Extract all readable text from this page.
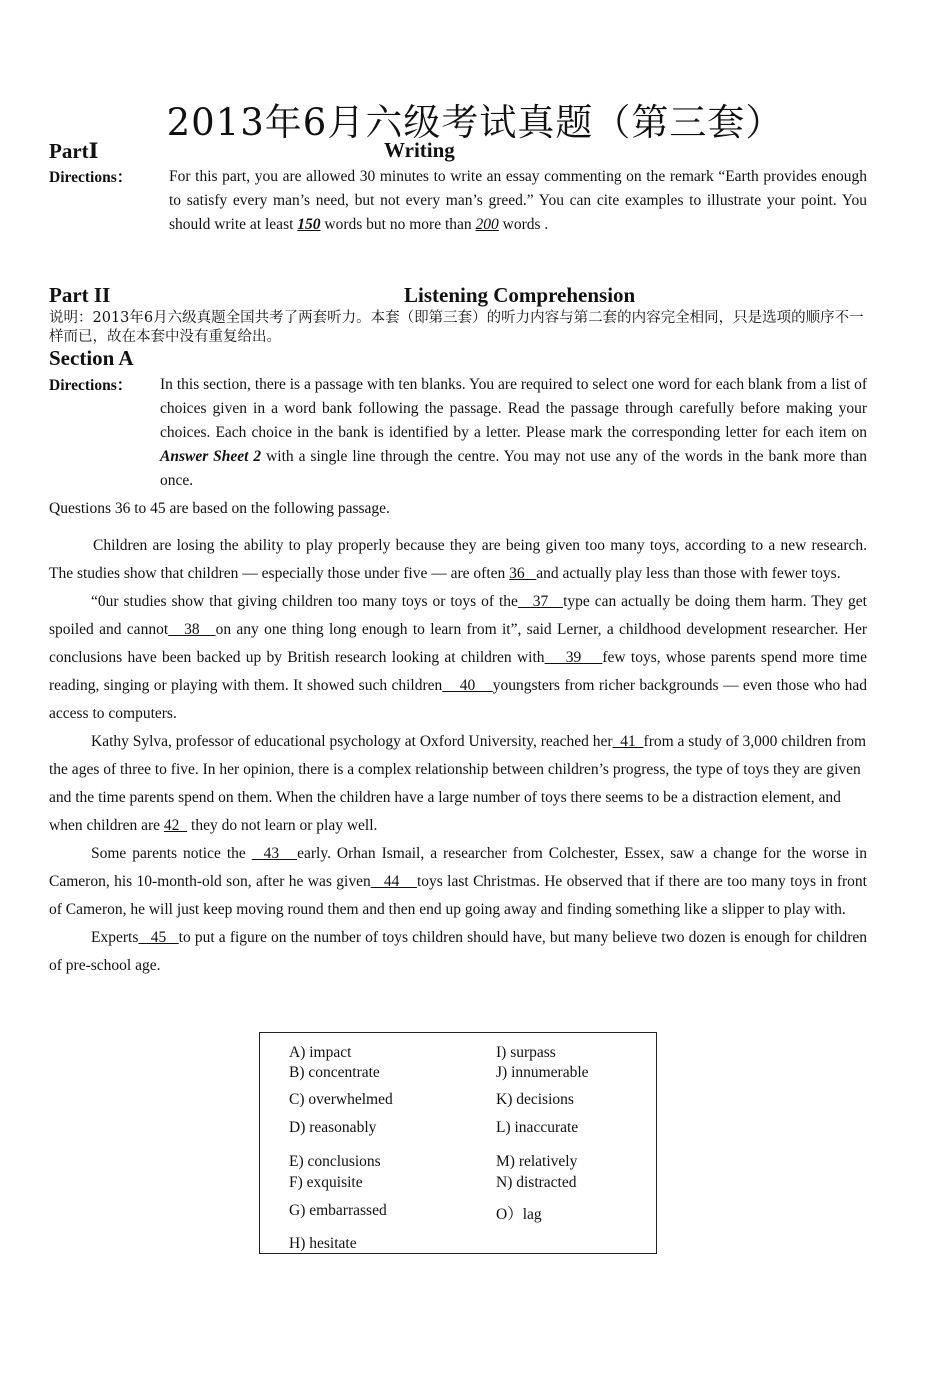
2013年6月六级考试真题（第三套）
PartⅠ	Writing
Directions： For this part, you are allowed 30 minutes to write an essay commenting on the remark “Earth provides enough to satisfy every man’s need, but not every man’s greed.” You can cite examples to illustrate your point. You should write at least 150 words but no more than 200 words .
Part II	Listening Comprehension
说明：2013年6月六级真题全国共考了两套听力。本套（即第三套）的听力内容与第二套的内容完全相同，只是选项的顺序不一样而已，故在本套中没有重复给出。
Section A
Directions： In this section, there is a passage with ten blanks. You are required to select one word for each blank from a list of choices given in a word bank following the passage. Read the passage through carefully before making your choices. Each choice in the bank is identified by a letter. Please mark the corresponding letter for each item on Answer Sheet 2 with a single line through the centre. You may not use any of the words in the bank more than once.
Questions 36 to 45 are based on the following passage.

Children are losing the ability to play properly because they are being given too many toys, according to a new research. The studies show that children — especially those under five — are often 36   and actually play less than those with fewer toys.

“0ur studies show that giving children too many toys or toys of the   37   type can actually be doing them harm. They get spoiled and cannot   38   on any one thing long enough to learn from it”, said Lerner, a childhood development researcher. Her conclusions have been backed up by British research looking at children with    39    few toys, whose parents spend more time reading, singing or playing with them. It showed such children    40    youngsters from richer backgrounds — even those who had access to computers.

Kathy Sylva, professor of educational psychology at Oxford University, reached her  41  from a study of 3,000 children from the ages of three to five. In her opinion, there is a complex relationship between children’s progress, the type of toys they are given and the time parents spend on them. When the children have a large number of toys there seems to be a distraction element, and when children are 42   they do not learn or play well.

Some parents notice the   43   early. Orhan Ismail, a researcher from Colchester, Essex, saw a change for the worse in Cameron, his 10-month-old son, after he was given   44    toys last Christmas. He observed that if there are too many toys in front of Cameron, he will just keep moving round them and then end up going away and finding something like a slipper to play with.

Experts   45   to put a figure on the number of toys children should have, but many believe two dozen is enough for children of pre-school age.

A) impact
B) concentrate
C) overwhelmed
D) reasonably
E) conclusions
F) exquisite
G) embarrassed
H) hesitate
I) surpass
J) innumerable
K) decisions
L) inaccurate
M) relatively
N) distracted
O）lag
